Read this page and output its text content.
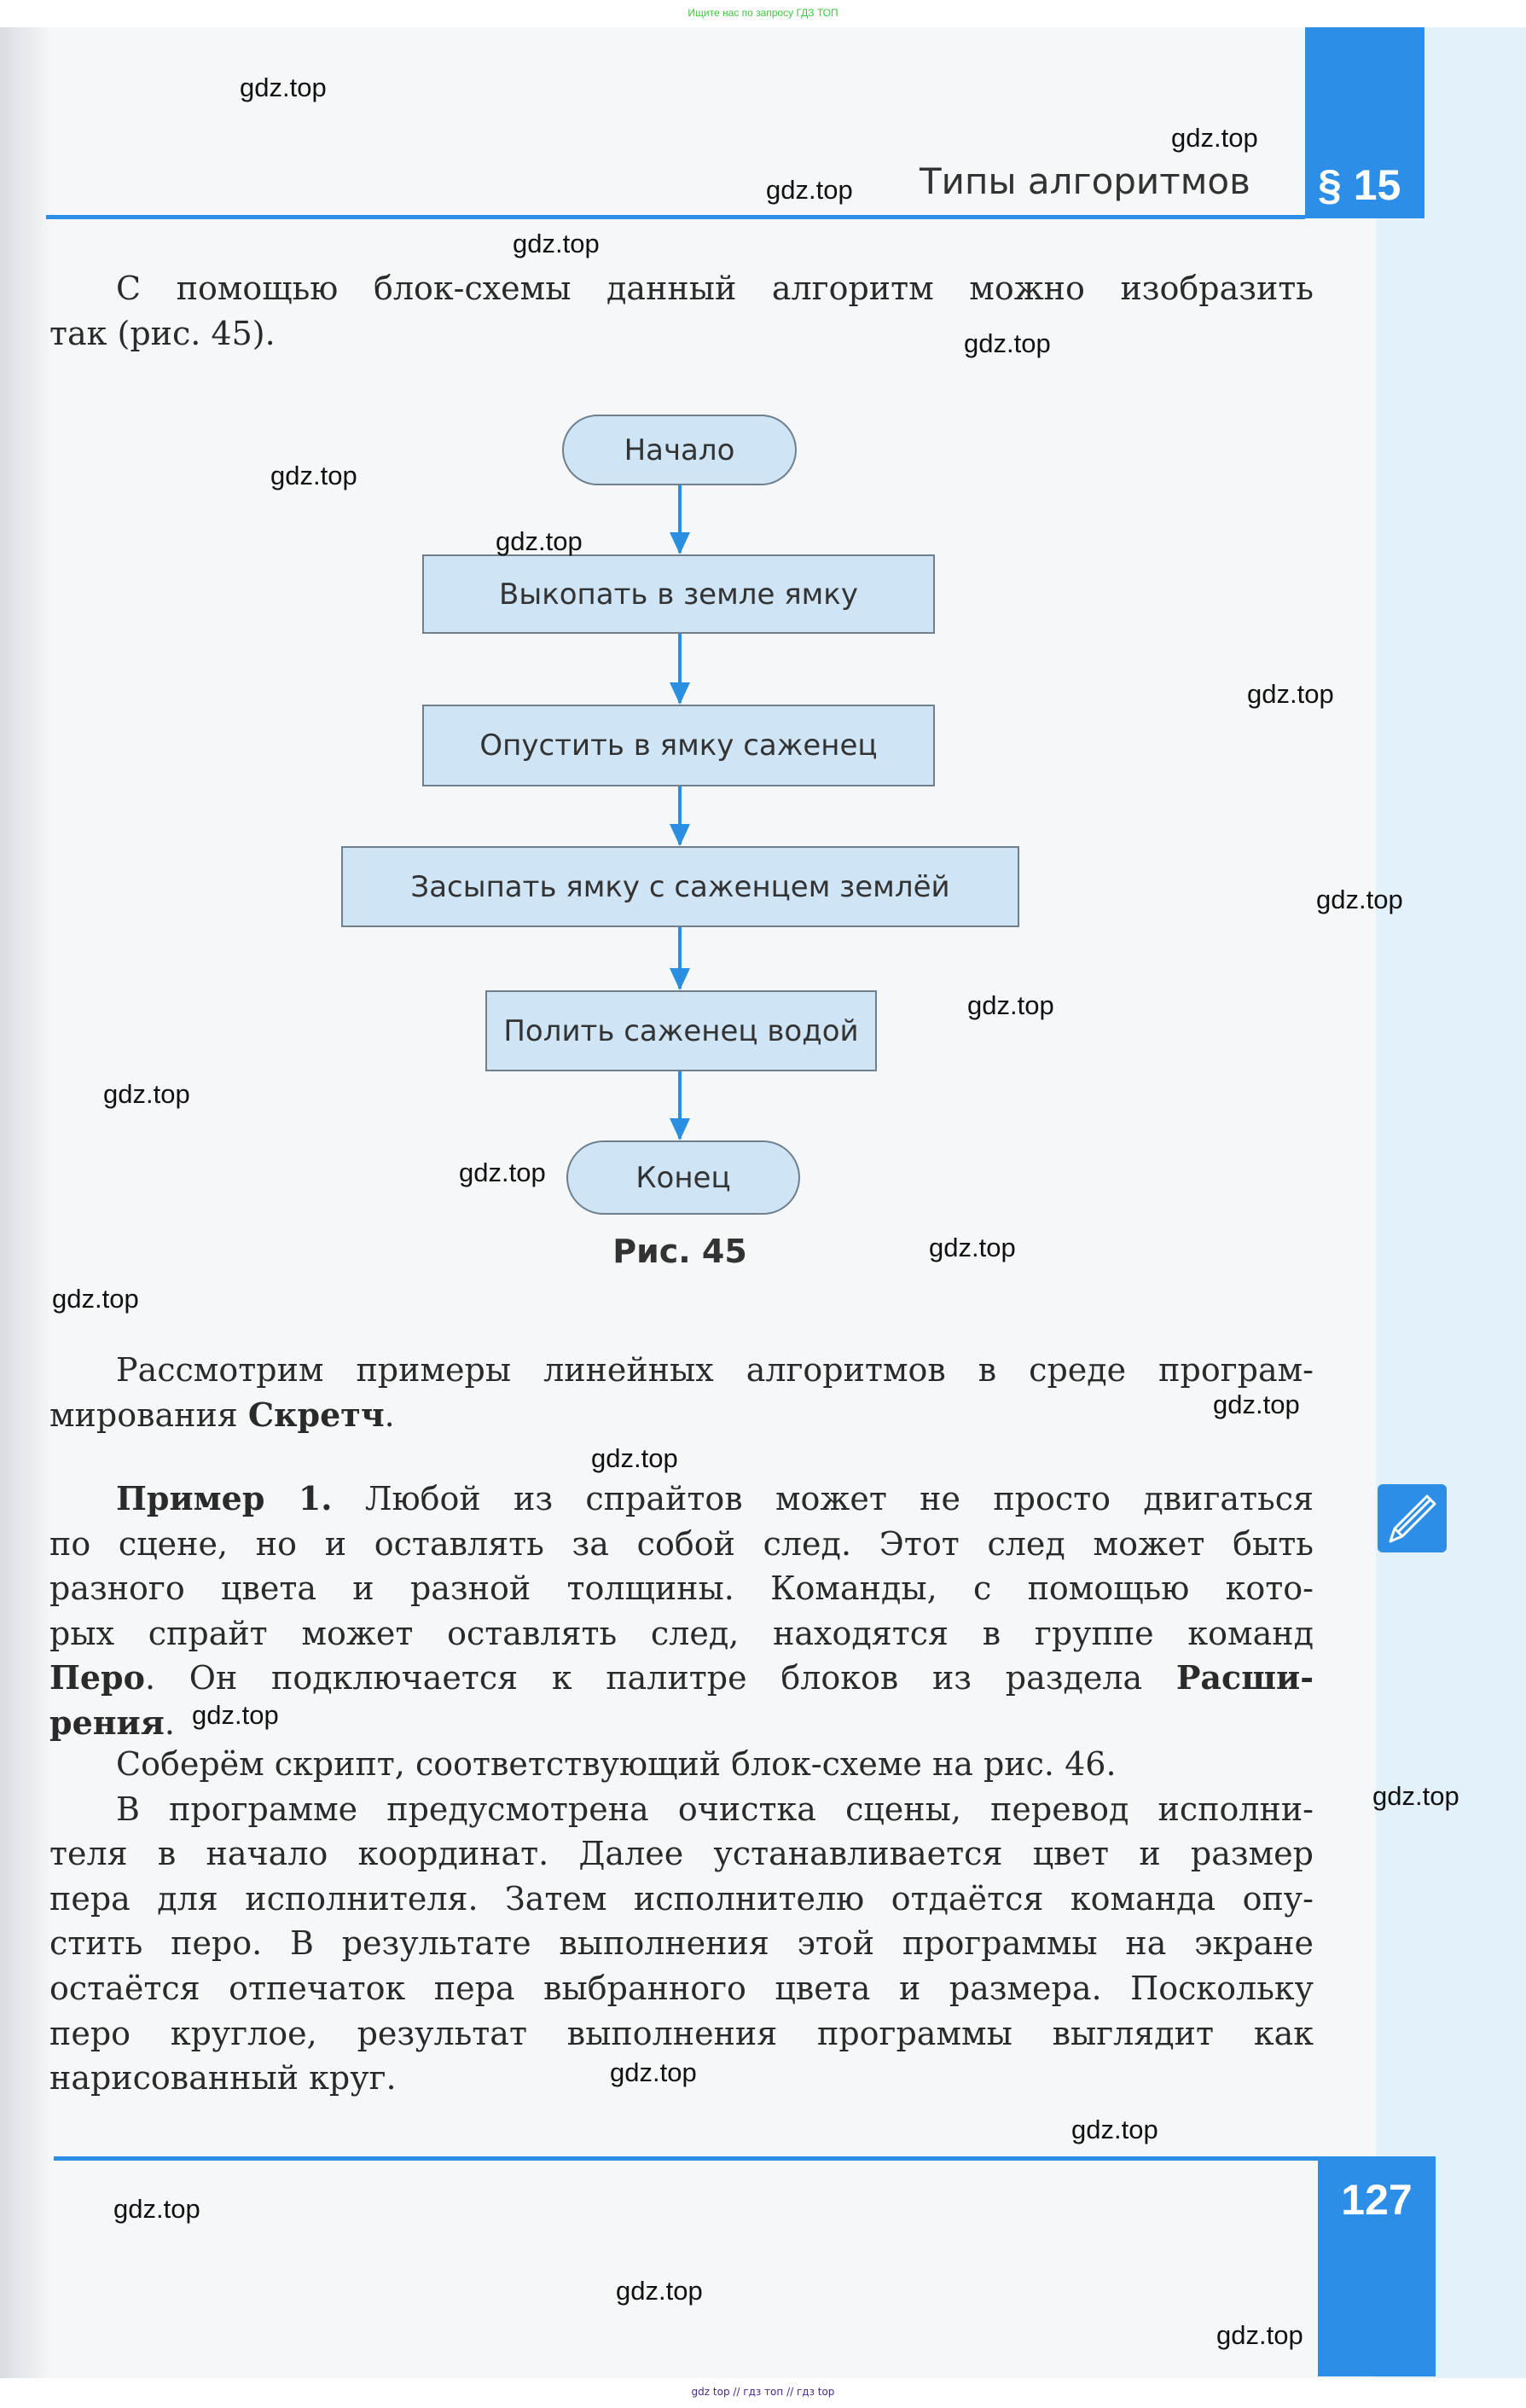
Ищите нас по запросу ГДЗ ТОП
§ 15
Типы алгоритмов
С помощью блок-схемы данный алгоритм можно изобразить
так (рис. 45).
Рассмотрим примеры линейных алгоритмов в среде програм-
мирования Скретч.
Пример 1. Любой из спрайтов может не просто двигаться
по сцене, но и оставлять за собой след. Этот след может быть
разного цвета и разной толщины. Команды, с помощью кото-
рых спрайт может оставлять след, находятся в группе команд
Перо. Он подключается к палитре блоков из раздела Расши-
рения.
Соберём скрипт, соответствующий блок-схеме на рис. 46.
В программе предусмотрена очистка сцены, перевод исполни-
теля в начало координат. Далее устанавливается цвет и размер
пера для исполнителя. Затем исполнителю отдаётся команда опу-
стить перо. В результате выполнения этой программы на экране
остаётся отпечаток пера выбранного цвета и размера. Поскольку
перо круглое, результат выполнения программы выглядит как
нарисованный круг.
Начало
Выкопать в земле ямку
Опустить в ямку саженец
Засыпать ямку с саженцем землёй
Полить саженец водой
Конец
Рис. 45
127
gdz.top
gdz.top
gdz.top
gdz.top
gdz.top
gdz.top
gdz.top
gdz.top
gdz.top
gdz.top
gdz.top
gdz.top
gdz.top
gdz.top
gdz.top
gdz.top
gdz.top
gdz.top
gdz.top
gdz.top
gdz.top
gdz.top
gdz.top
gdz top // гдз топ // гдз top
